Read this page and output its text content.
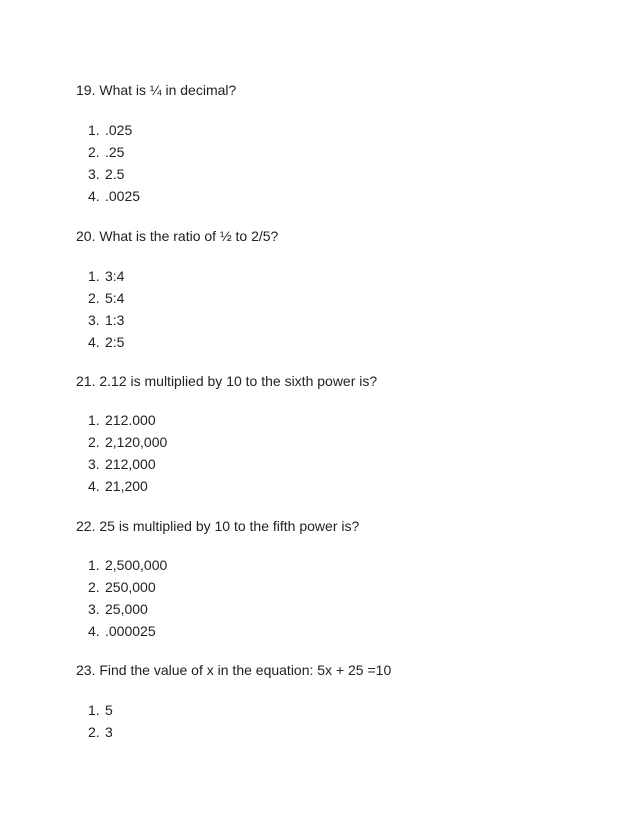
19. What is ¼ in decimal?
1. .025
2. .25
3. 2.5
4. .0025
20. What is the ratio of ½ to 2/5?
1. 3:4
2. 5:4
3. 1:3
4. 2:5
21. 2.12 is multiplied by 10 to the sixth power is?
1. 212.000
2. 2,120,000
3. 212,000
4. 21,200
22. 25 is multiplied by 10 to the fifth power is?
1. 2,500,000
2. 250,000
3. 25,000
4. .000025
23. Find the value of x in the equation: 5x + 25 =10
1. 5
2. 3
